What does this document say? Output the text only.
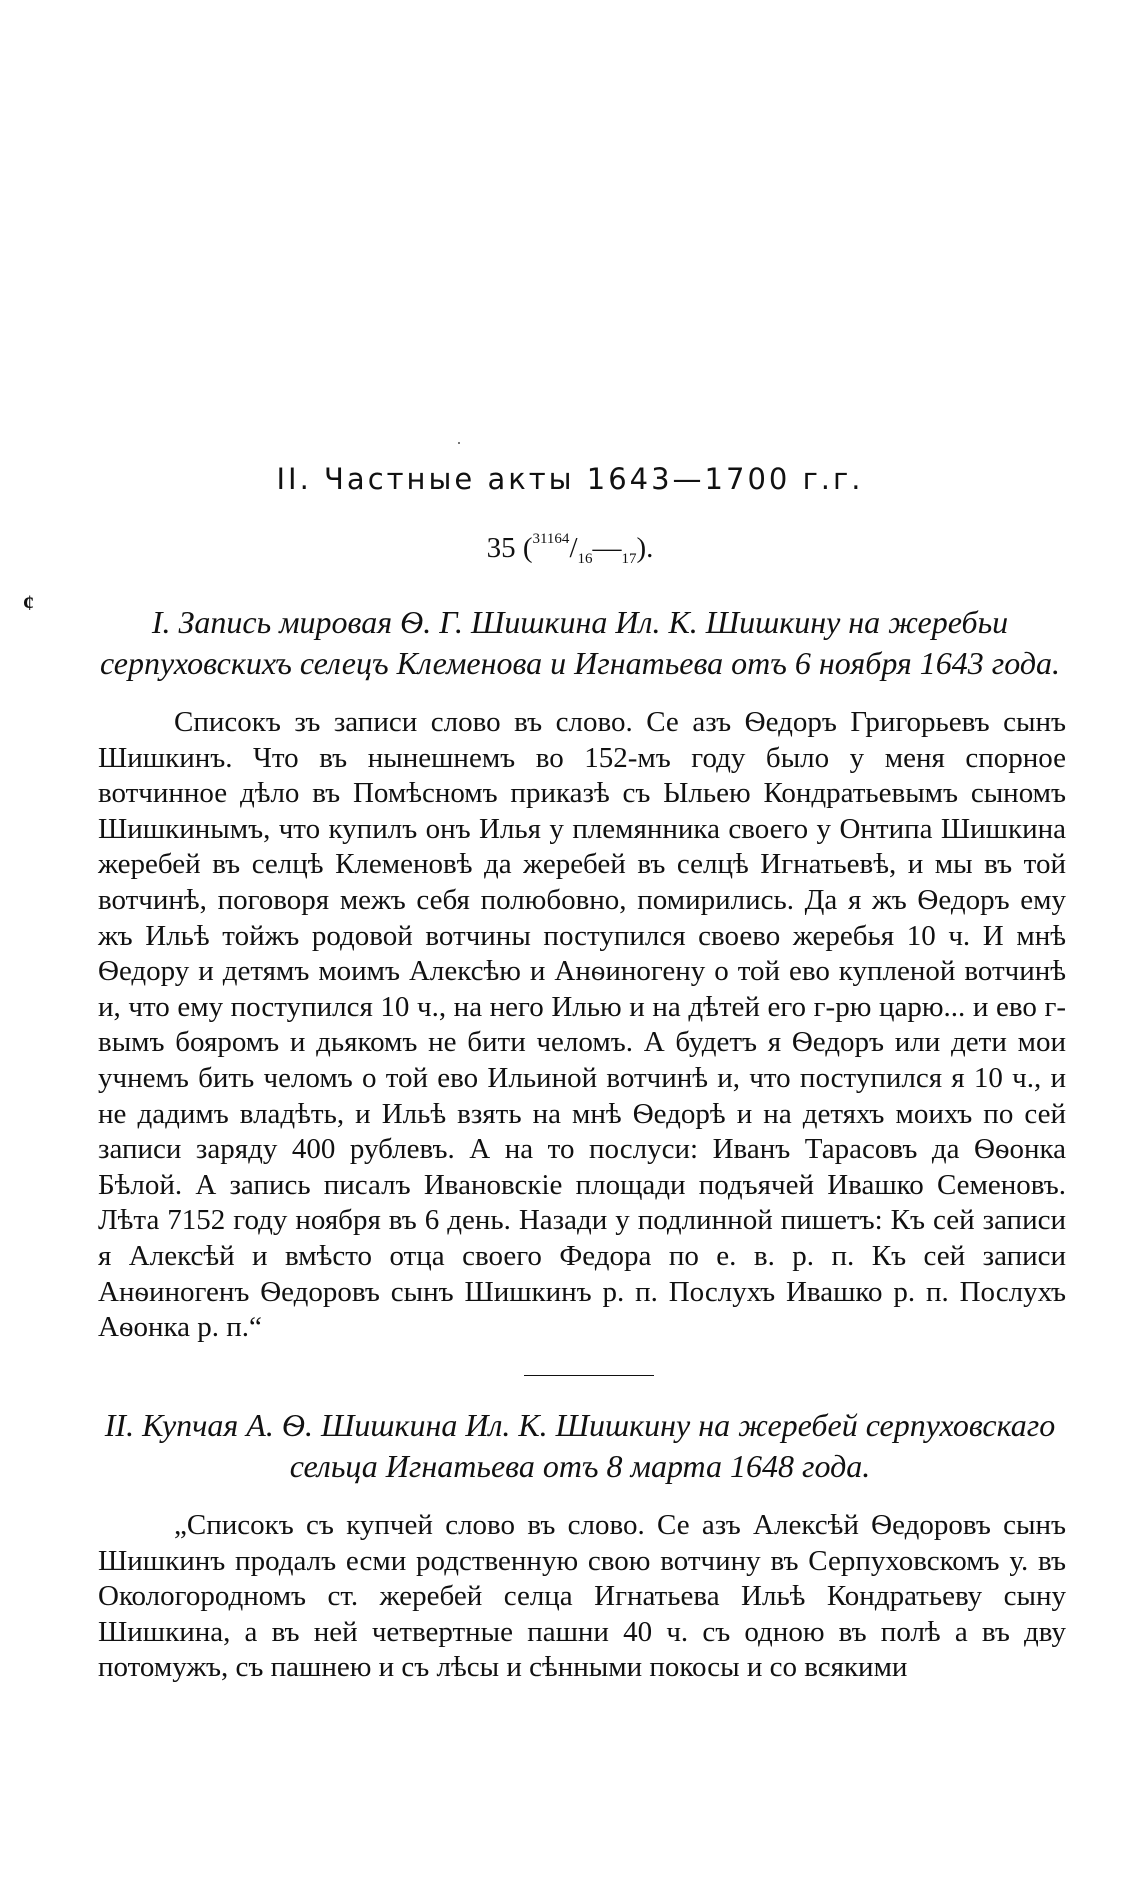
II. Частные акты 1643—1700 г.г.
35 $(^{31164}/_{16}—_{17})$.
¢
I. Запись мировая Ѳ. Г. Шишкина Ил. К. Шишкину на жеребьи серпуховскихъ селецъ Клеменова и Игнатьева отъ 6 ноября 1643 года.

Списокъ зъ записи слово въ слово. Се азъ Ѳедоръ Григорьевъ сынъ Шишкинъ. Что въ нынешнемъ во 152-мъ году было у меня спорное вотчинное дѣло въ Помѣсномъ приказѣ съ Ыльею Кондратьевымъ сыномъ Шишкинымъ, что купилъ онъ Илья у племянника своего у Онтипа Шишкина жеребей въ селцѣ Клеменовѣ да жеребей въ селцѣ Игнатьевѣ, и мы въ той вотчинѣ, поговоря межъ себя полюбовно, помирились. Да я жъ Ѳедоръ ему жъ Ильѣ тойжъ родовой вотчины поступился своево жеребья 10 ч. И мнѣ Ѳедору и детямъ моимъ Алексѣю и Анѳиногену о той ево купленой вотчинѣ и, что ему поступился 10 ч., на него Илью и на дѣтей его г-рю царю... и ево г-вымъ бояромъ и дьякомъ не бити челомъ. А будетъ я Ѳедоръ или дети мои учнемъ бить челомъ о той ево Ильиной вотчинѣ и, что поступился я 10 ч., и не дадимъ владѣть, и Ильѣ взять на мнѣ Ѳедорѣ и на детяхъ моихъ по сей записи заряду 400 рублевъ. А на то послуси: Иванъ Тарасовъ да Ѳѳонка Бѣлой. А запись писалъ Ивановскіе площади подъячей Ивашко Семеновъ. Лѣта 7152 году ноября въ 6 день. Назади у подлинной пишетъ: Къ сей записи я Алексѣй и вмѣсто отца своего Федора по е. в. р. п. Къ сей записи Анѳиногенъ Ѳедоровъ сынъ Шишкинъ р. п. Послухъ Ивашко р. п. Послухъ Аѳонка р. п.“

II. Купчая А. Ѳ. Шишкина Ил. К. Шишкину на жеребей серпуховскаго сельца Игнатьева отъ 8 марта 1648 года.

„Списокъ съ купчей слово въ слово. Се азъ Алексѣй Ѳедоровъ сынъ Шишкинъ продалъ есми родственную свою вотчину въ Серпуховскомъ у. въ Окологородномъ ст. жеребей селца Игнатьева Ильѣ Кондратьеву сыну Шишкина, а въ ней четвертные пашни 40 ч. съ одною въ полѣ а въ дву потомужъ, съ пашнею и съ лѣсы и сѣнными покосы и со всякими
